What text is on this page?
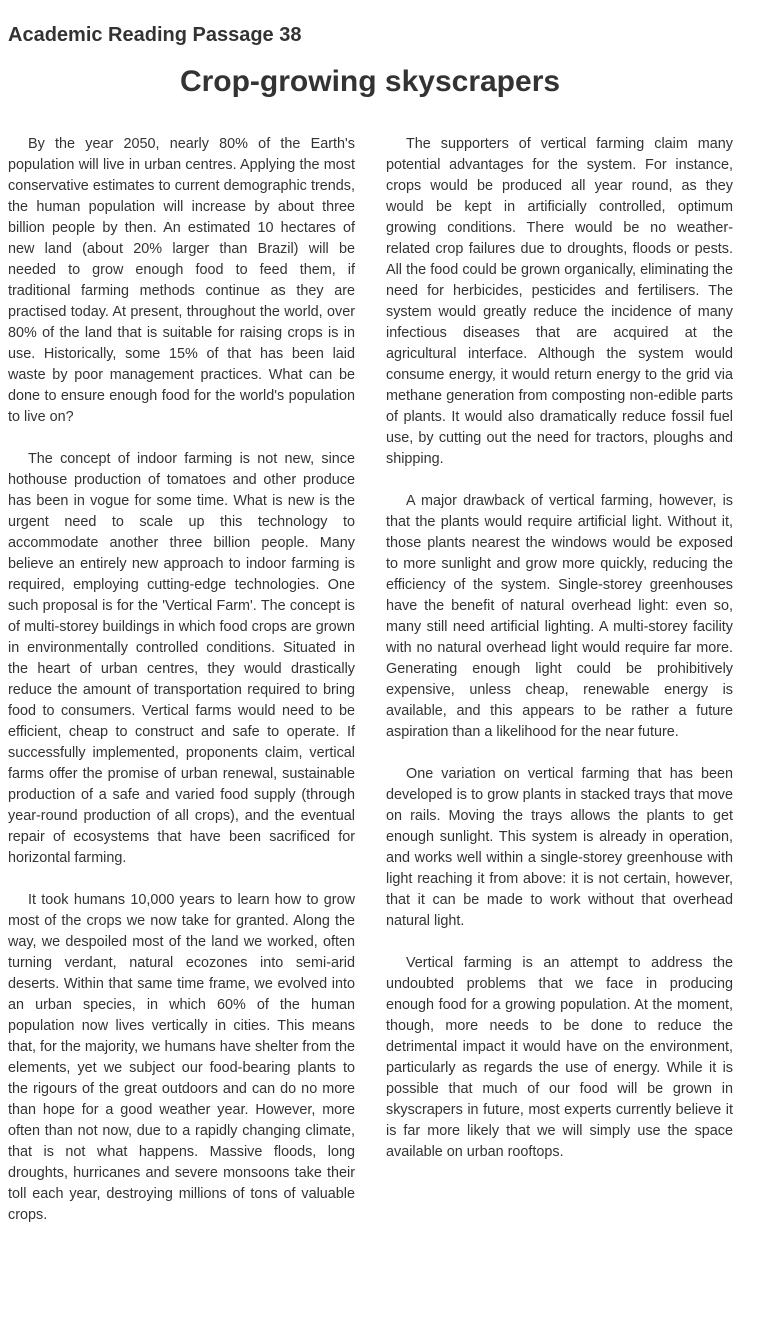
Academic Reading Passage 38
Crop-growing skyscrapers

By the year 2050, nearly 80% of the Earth's population will live in urban centres. Applying the most conservative estimates to current demographic trends, the human population will increase by about three billion people by then. An estimated 10 hectares of new land (about 20% larger than Brazil) will be needed to grow enough food to feed them, if traditional farming methods continue as they are practised today. At present, throughout the world, over 80% of the land that is suitable for raising crops is in use. Historically, some 15% of that has been laid waste by poor management practices. What can be done to ensure enough food for the world's population to live on?

The concept of indoor farming is not new, since hothouse production of tomatoes and other produce has been in vogue for some time. What is new is the urgent need to scale up this technology to accommodate another three billion people. Many believe an entirely new approach to indoor farming is required, employing cutting-edge technologies. One such proposal is for the 'Vertical Farm'. The concept is of multi-storey buildings in which food crops are grown in environmentally controlled conditions. Situated in the heart of urban centres, they would drastically reduce the amount of transportation required to bring food to consumers. Vertical farms would need to be efficient, cheap to construct and safe to operate. If successfully implemented, proponents claim, vertical farms offer the promise of urban renewal, sustainable production of a safe and varied food supply (through year-round production of all crops), and the eventual repair of ecosystems that have been sacrificed for horizontal farming.

It took humans 10,000 years to learn how to grow most of the crops we now take for granted. Along the way, we despoiled most of the land we worked, often turning verdant, natural ecozones into semi-arid deserts. Within that same time frame, we evolved into an urban species, in which 60% of the human population now lives vertically in cities. This means that, for the majority, we humans have shelter from the elements, yet we subject our food-bearing plants to the rigours of the great outdoors and can do no more than hope for a good weather year. However, more often than not now, due to a rapidly changing climate, that is not what happens. Massive floods, long droughts, hurricanes and severe monsoons take their toll each year, destroying millions of tons of valuable crops.

The supporters of vertical farming claim many potential advantages for the system. For instance, crops would be produced all year round, as they would be kept in artificially controlled, optimum growing conditions. There would be no weather-related crop failures due to droughts, floods or pests. All the food could be grown organically, eliminating the need for herbicides, pesticides and fertilisers. The system would greatly reduce the incidence of many infectious diseases that are acquired at the agricultural interface. Although the system would consume energy, it would return energy to the grid via methane generation from composting non-edible parts of plants. It would also dramatically reduce fossil fuel use, by cutting out the need for tractors, ploughs and shipping.

A major drawback of vertical farming, however, is that the plants would require artificial light. Without it, those plants nearest the windows would be exposed to more sunlight and grow more quickly, reducing the efficiency of the system. Single-storey greenhouses have the benefit of natural overhead light: even so, many still need artificial lighting. A multi-storey facility with no natural overhead light would require far more. Generating enough light could be prohibitively expensive, unless cheap, renewable energy is available, and this appears to be rather a future aspiration than a likelihood for the near future.

One variation on vertical farming that has been developed is to grow plants in stacked trays that move on rails. Moving the trays allows the plants to get enough sunlight. This system is already in operation, and works well within a single-storey greenhouse with light reaching it from above: it is not certain, however, that it can be made to work without that overhead natural light.

Vertical farming is an attempt to address the undoubted problems that we face in producing enough food for a growing population. At the moment, though, more needs to be done to reduce the detrimental impact it would have on the environment, particularly as regards the use of energy. While it is possible that much of our food will be grown in skyscrapers in future, most experts currently believe it is far more likely that we will simply use the space available on urban rooftops.
